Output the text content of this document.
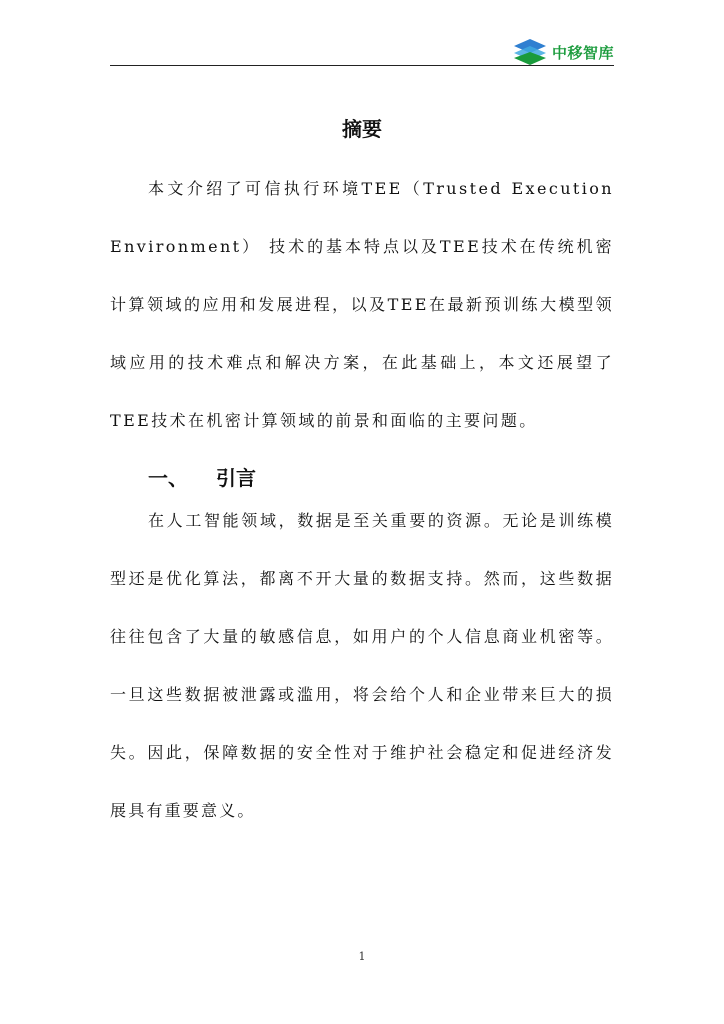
中移智库
摘要

本文介绍了可信执行环境TEE（Trusted Execution Environment） 技术的基本特点以及TEE技术在传统机密计算领域的应用和发展进程，以及TEE在最新预训练大模型领域应用的技术难点和解决方案，在此基础上，本文还展望了TEE技术在机密计算领域的前景和面临的主要问题。

一、 引言

在人工智能领域，数据是至关重要的资源。无论是训练模型还是优化算法，都离不开大量的数据支持。然而，这些数据往往包含了大量的敏感信息，如用户的个人信息商业机密等。一旦这些数据被泄露或滥用，将会给个人和企业带来巨大的损失。因此，保障数据的安全性对于维护社会稳定和促进经济发展具有重要意义。

1
